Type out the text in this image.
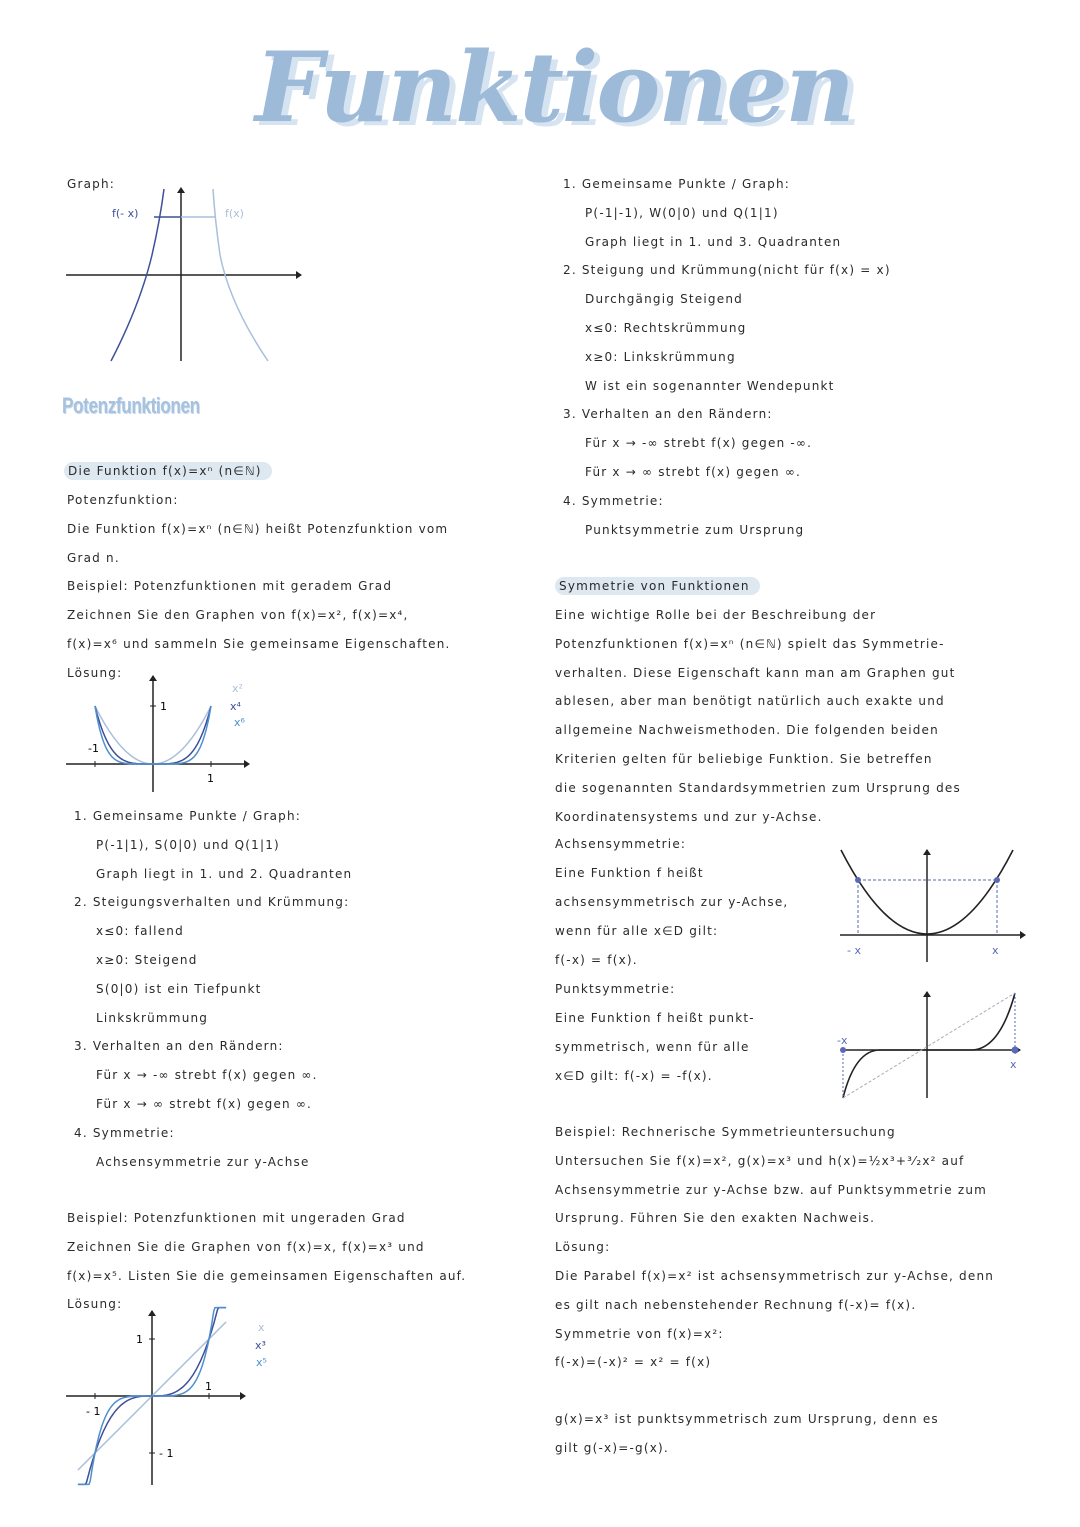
Funktionen
Graph:
f(- x)	f(x)
Potenzfunktionen
Die Funktion f(x)=xⁿ (n∈ℕ)
Potenzfunktion:
Die Funktion f(x)=xⁿ (n∈ℕ) heißt Potenzfunktion vom
Grad n.
Beispiel: Potenzfunktionen mit geradem Grad
Zeichnen Sie den Graphen von f(x)=x², f(x)=x⁴,
f(x)=x⁶ und sammeln Sie gemeinsame Eigenschaften.
Lösung:
1
-1
1
x²
x⁴
x⁶
1. Gemeinsame Punkte / Graph:
P(-1|1), S(0|0) und Q(1|1)
Graph liegt in 1. und 2. Quadranten
2. Steigungsverhalten und Krümmung:
x≤0: fallend
x≥0: Steigend
S(0|0) ist ein Tiefpunkt
Linkskrümmung
3. Verhalten an den Rändern:
Für x → -∞ strebt f(x) gegen ∞.
Für x → ∞ strebt f(x) gegen ∞.
4. Symmetrie:
Achsensymmetrie zur y-Achse
Beispiel: Potenzfunktionen mit ungeraden Grad
Zeichnen Sie die Graphen von f(x)=x, f(x)=x³ und
f(x)=x⁵. Listen Sie die gemeinsamen Eigenschaften auf.
Lösung:
1
- 1
- 1
1
x
x³
x⁵
1. Gemeinsame Punkte / Graph:
P(-1|-1), W(0|0) und Q(1|1)
Graph liegt in 1. und 3. Quadranten
2. Steigung und Krümmung(nicht für f(x) = x)
Durchgängig Steigend
x≤0: Rechtskrümmung
x≥0: Linkskrümmung
W ist ein sogenannter Wendepunkt
3. Verhalten an den Rändern:
Für x → -∞ strebt f(x) gegen -∞.
Für x → ∞ strebt f(x) gegen ∞.
4. Symmetrie:
Punktsymmetrie zum Ursprung
Symmetrie von Funktionen
Eine wichtige Rolle bei der Beschreibung der
Potenzfunktionen f(x)=xⁿ (n∈ℕ) spielt das Symmetrie-
verhalten. Diese Eigenschaft kann man am Graphen gut
ablesen, aber man benötigt natürlich auch exakte und
allgemeine Nachweismethoden. Die folgenden beiden
Kriterien gelten für beliebige Funktion. Sie betreffen
die sogenannten Standardsymmetrien zum Ursprung des
Koordinatensystems und zur y-Achse.
Achsensymmetrie:
Eine Funktion f heißt
achsensymmetrisch zur y-Achse,
wenn für alle x∈D gilt:
f(-x) = f(x).
Punktsymmetrie:
Eine Funktion f heißt punkt-
symmetrisch, wenn für alle
x∈D gilt: f(-x) = -f(x).
- x	x
-x
x
Beispiel: Rechnerische Symmetrieuntersuchung
Untersuchen Sie f(x)=x², g(x)=x³ und h(x)=½x³+³⁄₂x² auf
Achsensymmetrie zur y-Achse bzw. auf Punktsymmetrie zum
Ursprung. Führen Sie den exakten Nachweis.
Lösung:
Die Parabel f(x)=x² ist achsensymmetrisch zur y-Achse, denn
es gilt nach nebenstehender Rechnung f(-x)= f(x).
Symmetrie von f(x)=x²:
f(-x)=(-x)² = x² = f(x)
g(x)=x³ ist punktsymmetrisch zum Ursprung, denn es
gilt g(-x)=-g(x).
